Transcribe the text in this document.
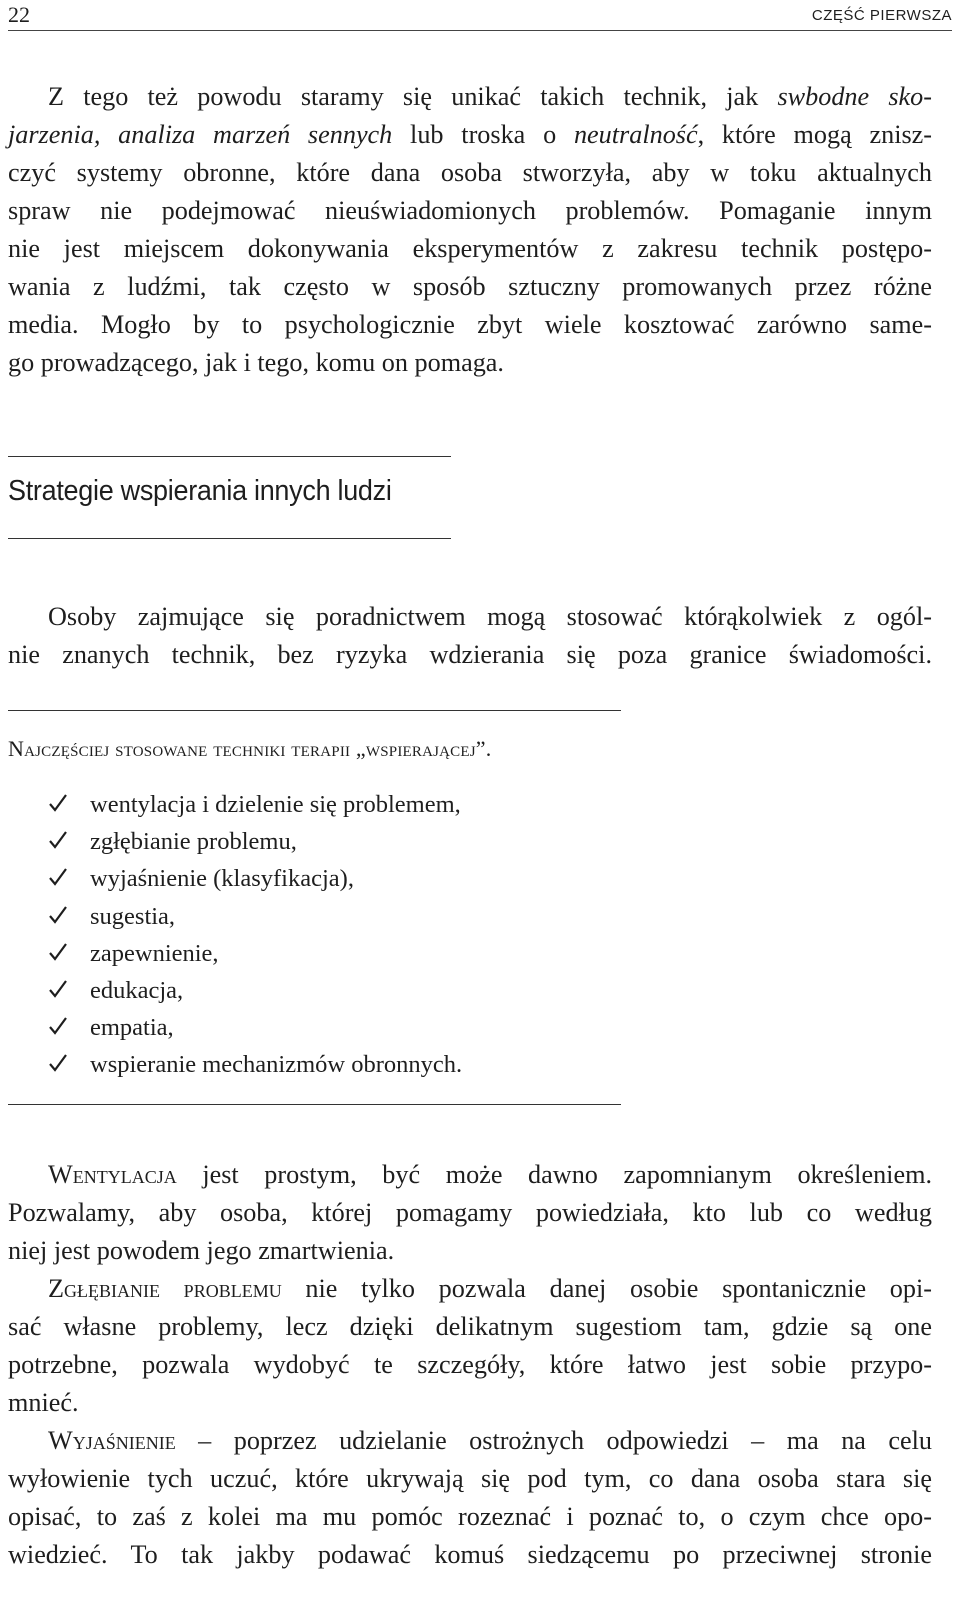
22	CZĘŚĆ PIERWSZA
Z tego też powodu staramy się unikać takich technik, jak swbodne sko-
jarzenia, analiza marzeń sennych lub troska o neutralność, które mogą znisz-
czyć systemy obronne, które dana osoba stworzyła, aby w toku aktualnych
spraw nie podejmować nieuświadomionych problemów. Pomaganie innym
nie jest miejscem dokonywania eksperymentów z zakresu technik postępo-
wania z ludźmi, tak często w sposób sztuczny promowanych przez różne
media. Mogło by to psychologicznie zbyt wiele kosztować zarówno same-
go prowadzącego, jak i tego, komu on pomaga.
Strategie wspierania innych ludzi
Osoby zajmujące się poradnictwem mogą stosować którąkolwiek z ogól-
nie znanych technik, bez ryzyka wdzierania się poza granice świadomości.
Najczęściej stosowane techniki terapii „wspierającej”.
wentylacja i dzielenie się problemem,
zgłębianie problemu,
wyjaśnienie (klasyfikacja),
sugestia,
zapewnienie,
edukacja,
empatia,
wspieranie mechanizmów obronnych.
Wentylacja jest prostym, być może dawno zapomnianym określeniem.
Pozwalamy, aby osoba, której pomagamy powiedziała, kto lub co według
niej jest powodem jego zmartwienia.
Zgłębianie problemu nie tylko pozwala danej osobie spontanicznie opi-
sać własne problemy, lecz dzięki delikatnym sugestiom tam, gdzie są one
potrzebne, pozwala wydobyć te szczegóły, które łatwo jest sobie przypo-
mnieć.
Wyjaśnienie – poprzez udzielanie ostrożnych odpowiedzi – ma na celu
wyłowienie tych uczuć, które ukrywają się pod tym, co dana osoba stara się
opisać, to zaś z kolei ma mu pomóc rozeznać i poznać to, o czym chce opo-
wiedzieć. To tak jakby podawać komuś siedzącemu po przeciwnej stronie
